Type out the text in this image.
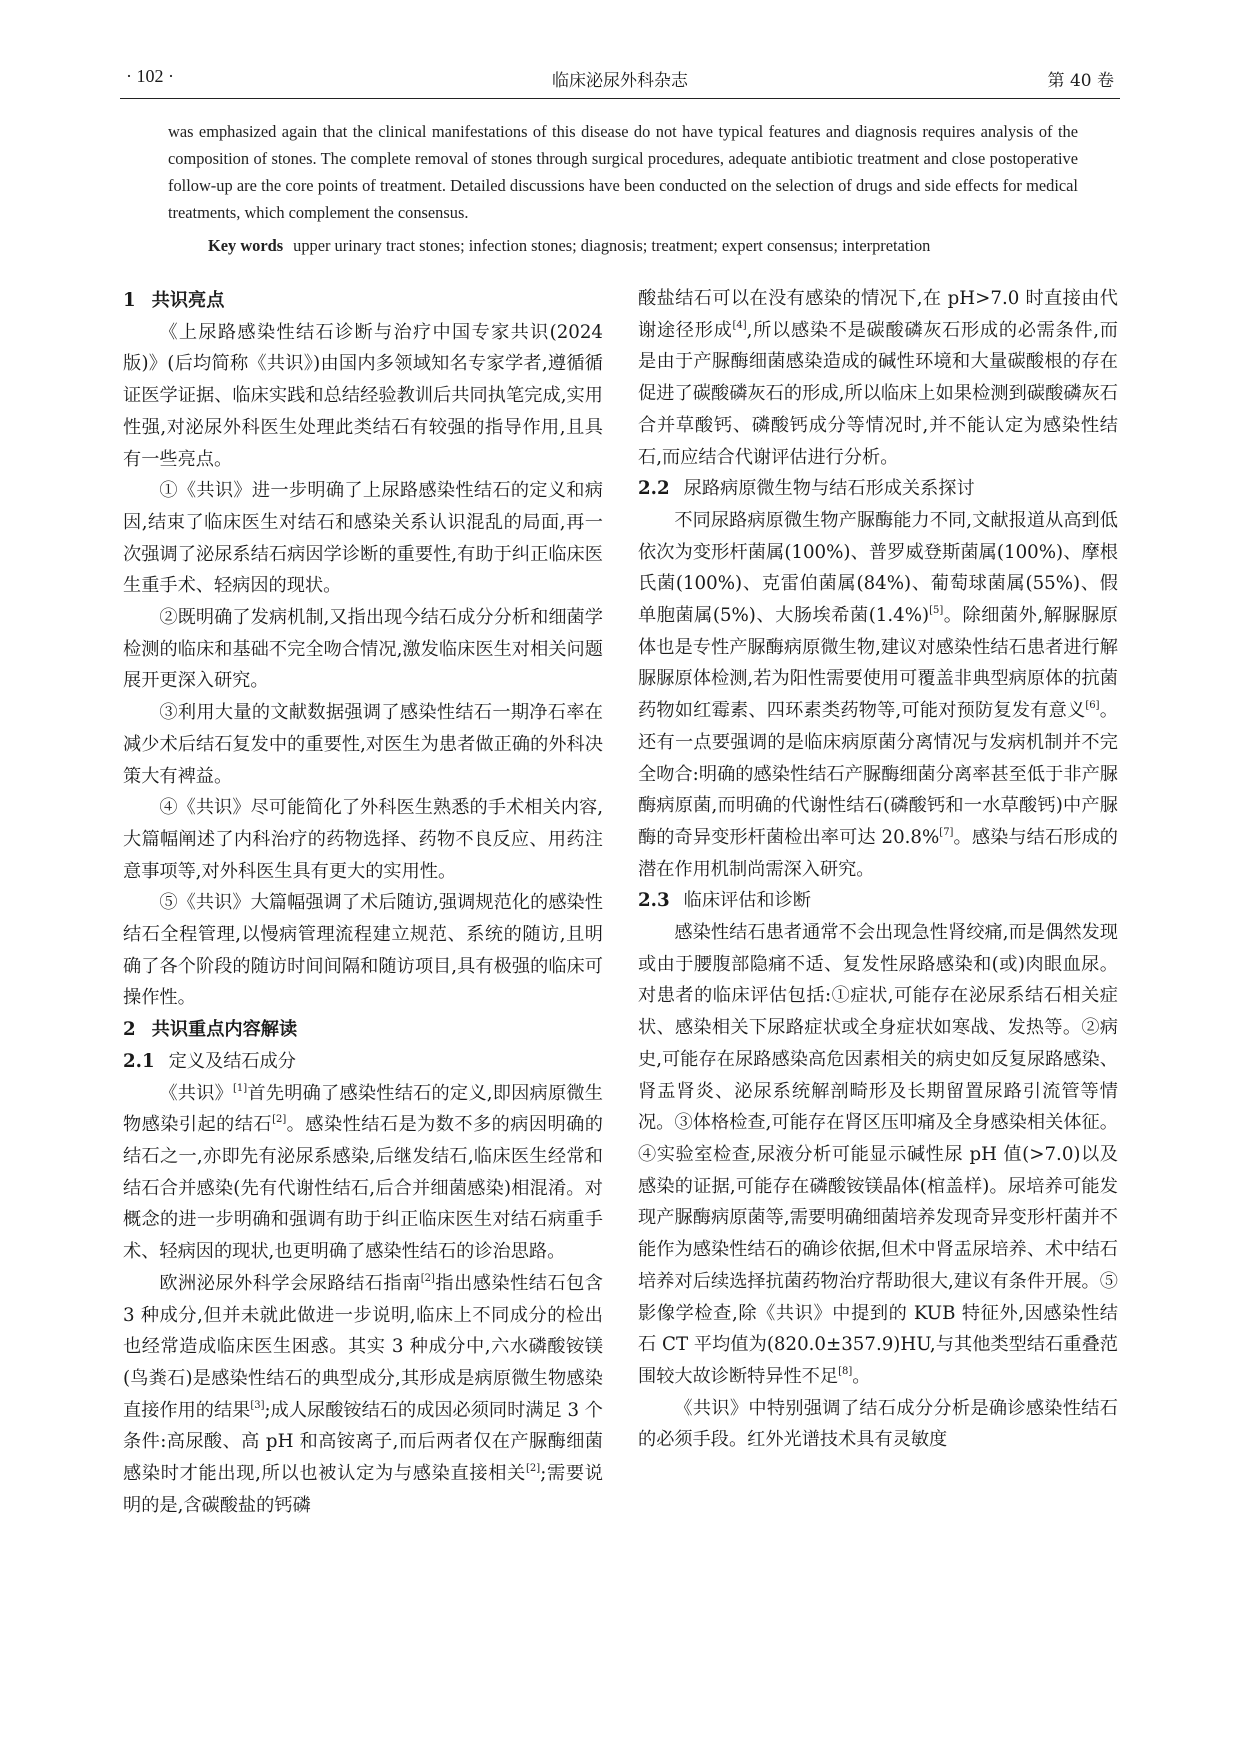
· 102 ·	临床泌尿外科杂志	第 40 卷

was emphasized again that the clinical manifestations of this disease do not have typical features and diagnosis requires analysis of the composition of stones. The complete removal of stones through surgical procedures, adequate antibiotic treatment and close postoperative follow-up are the core points of treatment. Detailed discussions have been conducted on the selection of drugs and side effects for medical treatments, which complement the consensus.

Key words upper urinary tract stones; infection stones; diagnosis; treatment; expert consensus; interpretation

1 共识亮点

《上尿路感染性结石诊断与治疗中国专家共识(2024 版)》(后均简称《共识》)由国内多领域知名专家学者,遵循循证医学证据、临床实践和总结经验教训后共同执笔完成,实用性强,对泌尿外科医生处理此类结石有较强的指导作用,且具有一些亮点。

①《共识》进一步明确了上尿路感染性结石的定义和病因,结束了临床医生对结石和感染关系认识混乱的局面,再一次强调了泌尿系结石病因学诊断的重要性,有助于纠正临床医生重手术、轻病因的现状。

②既明确了发病机制,又指出现今结石成分分析和细菌学检测的临床和基础不完全吻合情况,激发临床医生对相关问题展开更深入研究。

③利用大量的文献数据强调了感染性结石一期净石率在减少术后结石复发中的重要性,对医生为患者做正确的外科决策大有裨益。

④《共识》尽可能简化了外科医生熟悉的手术相关内容,大篇幅阐述了内科治疗的药物选择、药物不良反应、用药注意事项等,对外科医生具有更大的实用性。

⑤《共识》大篇幅强调了术后随访,强调规范化的感染性结石全程管理,以慢病管理流程建立规范、系统的随访,且明确了各个阶段的随访时间间隔和随访项目,具有极强的临床可操作性。

2 共识重点内容解读
2.1 定义及结石成分

《共识》[1]首先明确了感染性结石的定义,即因病原微生物感染引起的结石[2]。感染性结石是为数不多的病因明确的结石之一,亦即先有泌尿系感染,后继发结石,临床医生经常和结石合并感染(先有代谢性结石,后合并细菌感染)相混淆。对概念的进一步明确和强调有助于纠正临床医生对结石病重手术、轻病因的现状,也更明确了感染性结石的诊治思路。

欧洲泌尿外科学会尿路结石指南[2]指出感染性结石包含 3 种成分,但并未就此做进一步说明,临床上不同成分的检出也经常造成临床医生困惑。其实 3 种成分中,六水磷酸铵镁(鸟粪石)是感染性结石的典型成分,其形成是病原微生物感染直接作用的结果[3];成人尿酸铵结石的成因必须同时满足 3 个条件:高尿酸、高 pH 和高铵离子,而后两者仅在产脲酶细菌感染时才能出现,所以也被认定为与感染直接相关[2];需要说明的是,含碳酸盐的钙磷

酸盐结石可以在没有感染的情况下,在 pH>7.0 时直接由代谢途径形成[4],所以感染不是碳酸磷灰石形成的必需条件,而是由于产脲酶细菌感染造成的碱性环境和大量碳酸根的存在促进了碳酸磷灰石的形成,所以临床上如果检测到碳酸磷灰石合并草酸钙、磷酸钙成分等情况时,并不能认定为感染性结石,而应结合代谢评估进行分析。

2.2 尿路病原微生物与结石形成关系探讨

不同尿路病原微生物产脲酶能力不同,文献报道从高到低依次为变形杆菌属(100%)、普罗威登斯菌属(100%)、摩根氏菌(100%)、克雷伯菌属(84%)、葡萄球菌属(55%)、假单胞菌属(5%)、大肠埃希菌(1.4%)[5]。除细菌外,解脲脲原体也是专性产脲酶病原微生物,建议对感染性结石患者进行解脲脲原体检测,若为阳性需要使用可覆盖非典型病原体的抗菌药物如红霉素、四环素类药物等,可能对预防复发有意义[6]。还有一点要强调的是临床病原菌分离情况与发病机制并不完全吻合:明确的感染性结石产脲酶细菌分离率甚至低于非产脲酶病原菌,而明确的代谢性结石(磷酸钙和一水草酸钙)中产脲酶的奇异变形杆菌检出率可达 20.8%[7]。感染与结石形成的潜在作用机制尚需深入研究。

2.3 临床评估和诊断

感染性结石患者通常不会出现急性肾绞痛,而是偶然发现或由于腰腹部隐痛不适、复发性尿路感染和(或)肉眼血尿。对患者的临床评估包括:①症状,可能存在泌尿系结石相关症状、感染相关下尿路症状或全身症状如寒战、发热等。②病史,可能存在尿路感染高危因素相关的病史如反复尿路感染、肾盂肾炎、泌尿系统解剖畸形及长期留置尿路引流管等情况。③体格检查,可能存在肾区压叩痛及全身感染相关体征。④实验室检查,尿液分析可能显示碱性尿 pH 值(>7.0)以及感染的证据,可能存在磷酸铵镁晶体(棺盖样)。尿培养可能发现产脲酶病原菌等,需要明确细菌培养发现奇异变形杆菌并不能作为感染性结石的确诊依据,但术中肾盂尿培养、术中结石培养对后续选择抗菌药物治疗帮助很大,建议有条件开展。⑤影像学检查,除《共识》中提到的 KUB 特征外,因感染性结石 CT 平均值为(820.0±357.9)HU,与其他类型结石重叠范围较大故诊断特异性不足[8]。

《共识》中特别强调了结石成分分析是确诊感染性结石的必须手段。红外光谱技术具有灵敏度
